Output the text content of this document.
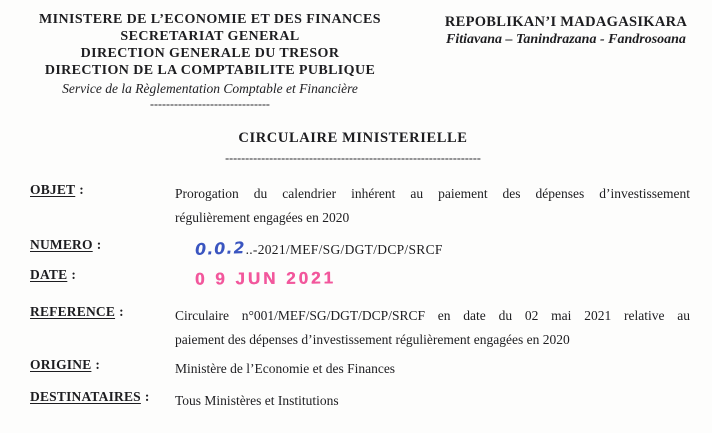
MINISTERE DE L’ECONOMIE ET DES FINANCES
SECRETARIAT GENERAL
DIRECTION GENERALE DU TRESOR
DIRECTION DE LA COMPTABILITE PUBLIQUE
Service de la Règlementation Comptable et Financière
------------------------------
REPOBLIKAN’I MADAGASIKARA
Fitiavana – Tanindrazana - Fandrosoana
CIRCULAIRE MINISTERIELLE
----------------------------------------------------------------
OBJET :	Prorogation du calendrier inhérent au paiement des dépenses d’investissement
régulièrement engagées en 2020
NUMERO :	0.0.2..-2021/MEF/SG/DGT/DCP/SRCF
DATE :	0 9 JUN 2021
REFERENCE :	Circulaire n°001/MEF/SG/DGT/DCP/SRCF en date du 02 mai 2021 relative au
paiement des dépenses d’investissement régulièrement engagées en 2020
ORIGINE :	Ministère de l’Economie et des Finances
DESTINATAIRES :	Tous Ministères et Institutions
